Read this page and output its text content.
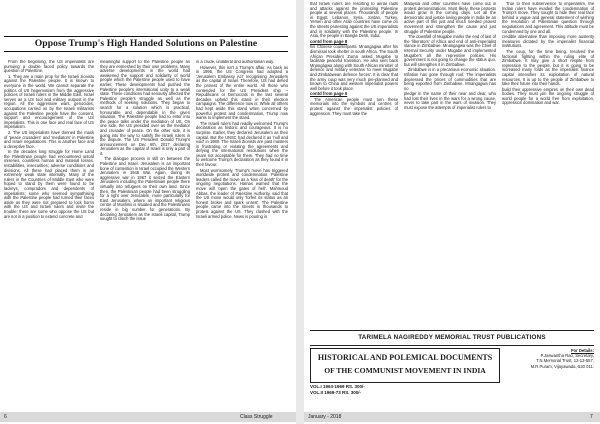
Oppose Trump's High Handed Solutions on Palestine

From the beginning, the US imperialists are pursuing a double faced policy towards the question of Palestine.

1. They are a main prop for the Israeli zionists against the Palestine people. It is known to everyone in the world. We cannot separate the politics of US hegemonism from the aggressive policies of Israeli rulers in the Middle East. Israel serves as a US tool and military outpost in the region. All the aggressive wars, genocides, occupations carried on by the Israeli militarists against the Palestine people have the consent, support and encouragement of the US imperialists. This is one face and real face of US imperialism.

2. The US imperialists have donned the mask of 'peace crusaders' and 'mediators' in Palestine and Israel negotiations. This is another face and a deceptive face.

In the decades long struggle for Home Land the Palestinian people had encountered untold miseries, countless human and material losses. Instabilities, insecurities; adverse conditions and divisions. All these had placed them in an extremely weak state internally. Many of the rulers in the Countries of Middle East who were hoped to stand by them were found to be lackeys, compradors and dependents of imperialists; some who seemed sympathising with the Palestine people had turned their faces aside as they were not prepared to lock horns with the US and Israeli rulers and invite the trouble; there are some who oppose the US but are not in a position to extend concrete and

meaningful support to the Palestine people as they are enmeshed by their own problems. Many adverse developments in the world had weakened the support and solidarity of world people which the Palestine people used to have earlier. These developments had pushed the Palestine people's international unity to a weak state. These conditions had seriously affected the Palestine people's struggle as well as the methods of seeking solutions. They began to search for a solution which is practical, honourable and dependable in the given situation. The Palestine people had to enter into the peace talks under the mediation of US. On one side, the US presided over as the mediator and crusader of peace. On the other side, it is going into the way to satisfy the Israeli rulers in the dispute. The US President Donald Trump's announcement on Dec 6th, 2017 declaring Jerusalem as the capital of Israel is only a part of it.

The dialogue process is still on between the Palestine and Israel. Jerusalem is an important bone of contention in Israel occupied the Western Jerusalem in 1948 War. Again, during its aggressive war in 1967 it seized the Eastern Jerusalem including the Palestinian people there virtually into refugees on their own land. Since then, the Palestinian people had been struggling for a right over Jerusalem, more particularly for East Jerusalem, where an important religious centre of Muslims is situated and the Palestinians reside in big number for generations. By declaring Jerusalem as the Israeli capital, Trump sought to clinch the issue

in a crude, unilateral and authoritarian way.

However, this isn't a Trump's affair. As back as in 1995, the US Congress had adopted a 'Jerusalem Embassy Act' recognising Jerusalem as the capital of Israel. Therefore, US had defied the protest of the entire world. All those who contended for the US President ship – Republicans or Democrats in the last several decades upheld this stand in their election campaigns. The difference now is: While all others had kept aside this stand when concerned by powerful protest and condemnation, Trump now wants to implement the stand.

The Israeli rulers had readily welcomed Trump's declaration as historic and courageous. It is no surprise. Earlier, they declared Jerusalem as their capital. But the UNSC had declared it as 'null and void' in 1980. The Israeli Zionists are past masters in frustrating or violating the agreements and defying the international resolutions when the yeare not acceptable for them. They had no time to welcome Trump's declaration as they found it in their favour.

Most worrisomely, Trump's move has triggered worldwide protest and condemnation. Palestine leaders called the move as a 'kiss of death' for the ongoing negotiations. Hamas warned that the move will 'open the gates of hell'. Mahmoud Abbas, the leader of Palestine Authority, said that the US move would only 'forfeit its status as an honest broker and spark unrest'. The Palestine people came into the streets in thousands to protest against the US. They clashed with the Israeli armed police. News is pouring in

6	Class Struggle

that Israeli rulers are resorting to aerial raids and attacks against the protesting Palestine people at several places. Thousands of people in Egypt, Lebanon, Syria, Jordan, Turkey, Yemen and other Arab countries have come on the streets protesting against the US imperialists and in solidarity with the Palestine people. In Asia, the people in Bangla Desh, India,

contd from page 8

his Chinese counterparts. Mnangagwa after his dismissal took shelter in south Africa. The South African President Zuma asked Mugabe to facilitate peaceful transition. He also sent back Mnangagwa along with South African minister of defence and military veterans 'to meet Mugabe and Zimbabwean defence forces'. It is clear that the army coup was very much pre-planned and known to China and western imperialist powers well before it took place.

contd from page 6

The American people must turn these memorials into the symbols and centres of protest against the imperialist policies of aggression. They must take the

Malaysia and other countries have come out in protest demonstrations. Most likely, these protests would grow in the coming days. Let all the democratic and justice loving people in India be an active part of this just and much needed protest movement and strengthen the cause and just struggle of Palestine people.

The downfall of Mugabe marks the end of last of the 'liberators' of Africa and end of anti-imperialist stance in Zimbabwe. Mnangagwa was the Chief of Internal Security under Mugabe and implemented Mugabe's all the repressive policies. His government is not going to change the status quo, but will strengthen it in Zimbabwe.

Zimbabwe is in a precarious economic situation. Inflation has gone through roof. The imperialists depressed the prices of commodities that are being exported from Zimbabwe. Mnangagwa has no

pledge in the name of their near and dear, who had lost their lives in the wars for a wrong cause, never to take part in the wars of invasion. They must expose the attempts of imperialist rulers to

True to their subservience to imperialism, the Indian rulers have evaded the condemnation of Trump's move. They sought to hide their real face behind a vague and general statement of wishing the resolution of Palestinian question through negotiations and agreement. This attitude must be condemned by one and all.

credible alternative than imposing more austerity measures dictated by the imperialist financial institutions.

The coup, for the time being, resolved the factional fighting within the ruling elite of Zimbabwe. It may give a short respite from repression to the people, but it is going to be increased many folds as the imperialist finance capital intensifies its exploitation of natural resources. It is up to the people of Zimbabwe to take their future into their hands.

build their oppressive empires on their own dead bodies. They must join the ongoing struggle of world people for a world free from exploitation, oppression domination and war.

TARIMELA NAGIREDDY MEMORIAL TRUST PUBLICATIONS
HISTORICAL AND POLEMICAL DOCUMENTS
OF THE COMMUNIST MOVEMENT IN INDIA
VOL.I 1963-1969 RS. 300/-
VOL.II 1969-73 RS. 300/-
For Details:
P.Jaswantha Rao, Secretary,
T.N.Memorial Trust, 12-13-557,
M.R.Puram, Vijayawada,-520 011.
January - 2018	7
